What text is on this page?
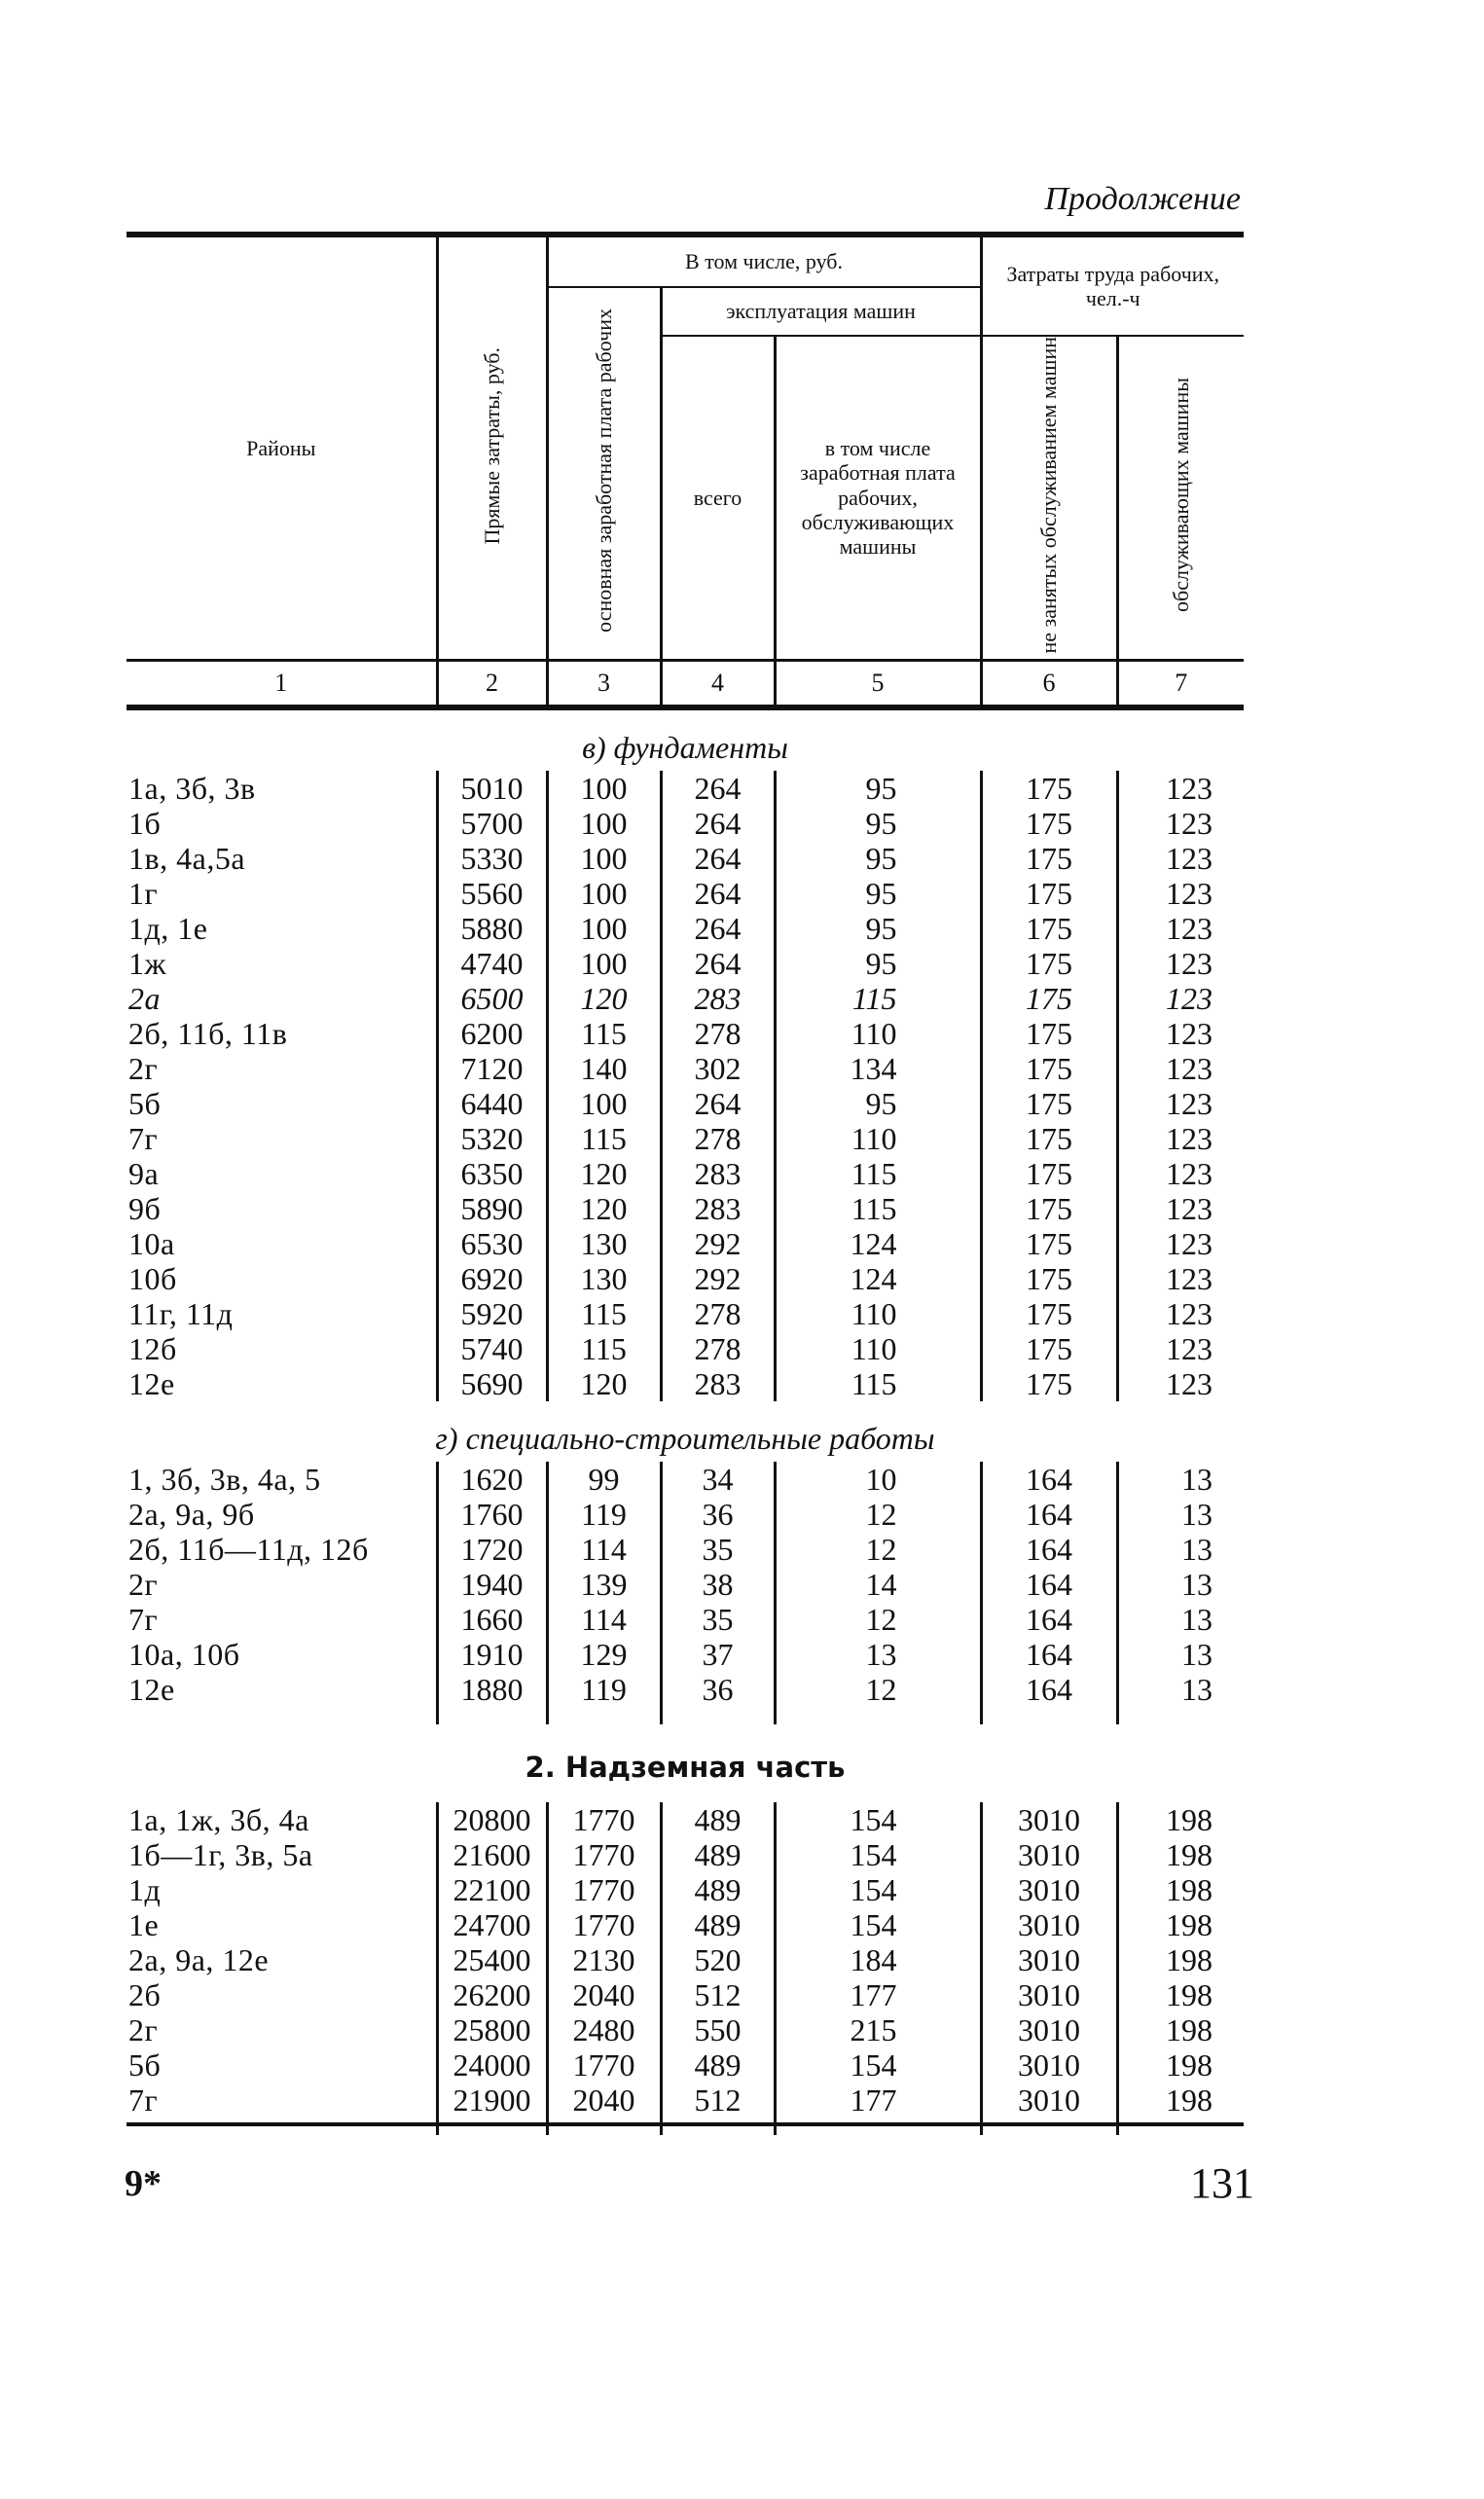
Продолжение
Районы	Прямые затраты, руб.	В том числе, руб.			Затраты труда рабочих, чел.-ч	
		основная заработная плата рабочих	эксплуатация машин			
			всего	в том числе заработная плата рабочих, обслуживающих машины	не занятых обслуживанием машин	обслуживающих машины
1	2	3	4	5	6	7
в) фундаменты						
1а, 3б, 3в	5010	100	264	95	175	123
1б	5700	100	264	95	175	123
1в, 4а,5а	5330	100	264	95	175	123
1г	5560	100	264	95	175	123
1д, 1е	5880	100	264	95	175	123
1ж	4740	100	264	95	175	123
2а	6500	120	283	115	175	123
2б, 11б, 11в	6200	115	278	110	175	123
2г	7120	140	302	134	175	123
5б	6440	100	264	95	175	123
7г	5320	115	278	110	175	123
9а	6350	120	283	115	175	123
9б	5890	120	283	115	175	123
10а	6530	130	292	124	175	123
10б	6920	130	292	124	175	123
11г, 11д	5920	115	278	110	175	123
12б	5740	115	278	110	175	123
12е	5690	120	283	115	175	123
г) специально-строительные работы						
1, 3б, 3в, 4а, 5	1620	99	34	10	164	13
2а, 9а, 9б	1760	119	36	12	164	13
2б, 11б—11д, 12б	1720	114	35	12	164	13
2г	1940	139	38	14	164	13
7г	1660	114	35	12	164	13
10а, 10б	1910	129	37	13	164	13
12е	1880	119	36	12	164	13

2. Надземная часть						
1а, 1ж, 3б, 4а	20800	1770	489	154	3010	198
1б—1г, 3в, 5а	21600	1770	489	154	3010	198
1д	22100	1770	489	154	3010	198
1е	24700	1770	489	154	3010	198
2а, 9а, 12е	25400	2130	520	184	3010	198
2б	26200	2040	512	177	3010	198
2г	25800	2480	550	215	3010	198
5б	24000	1770	489	154	3010	198
7г	21900	2040	512	177	3010	198

9*	131
